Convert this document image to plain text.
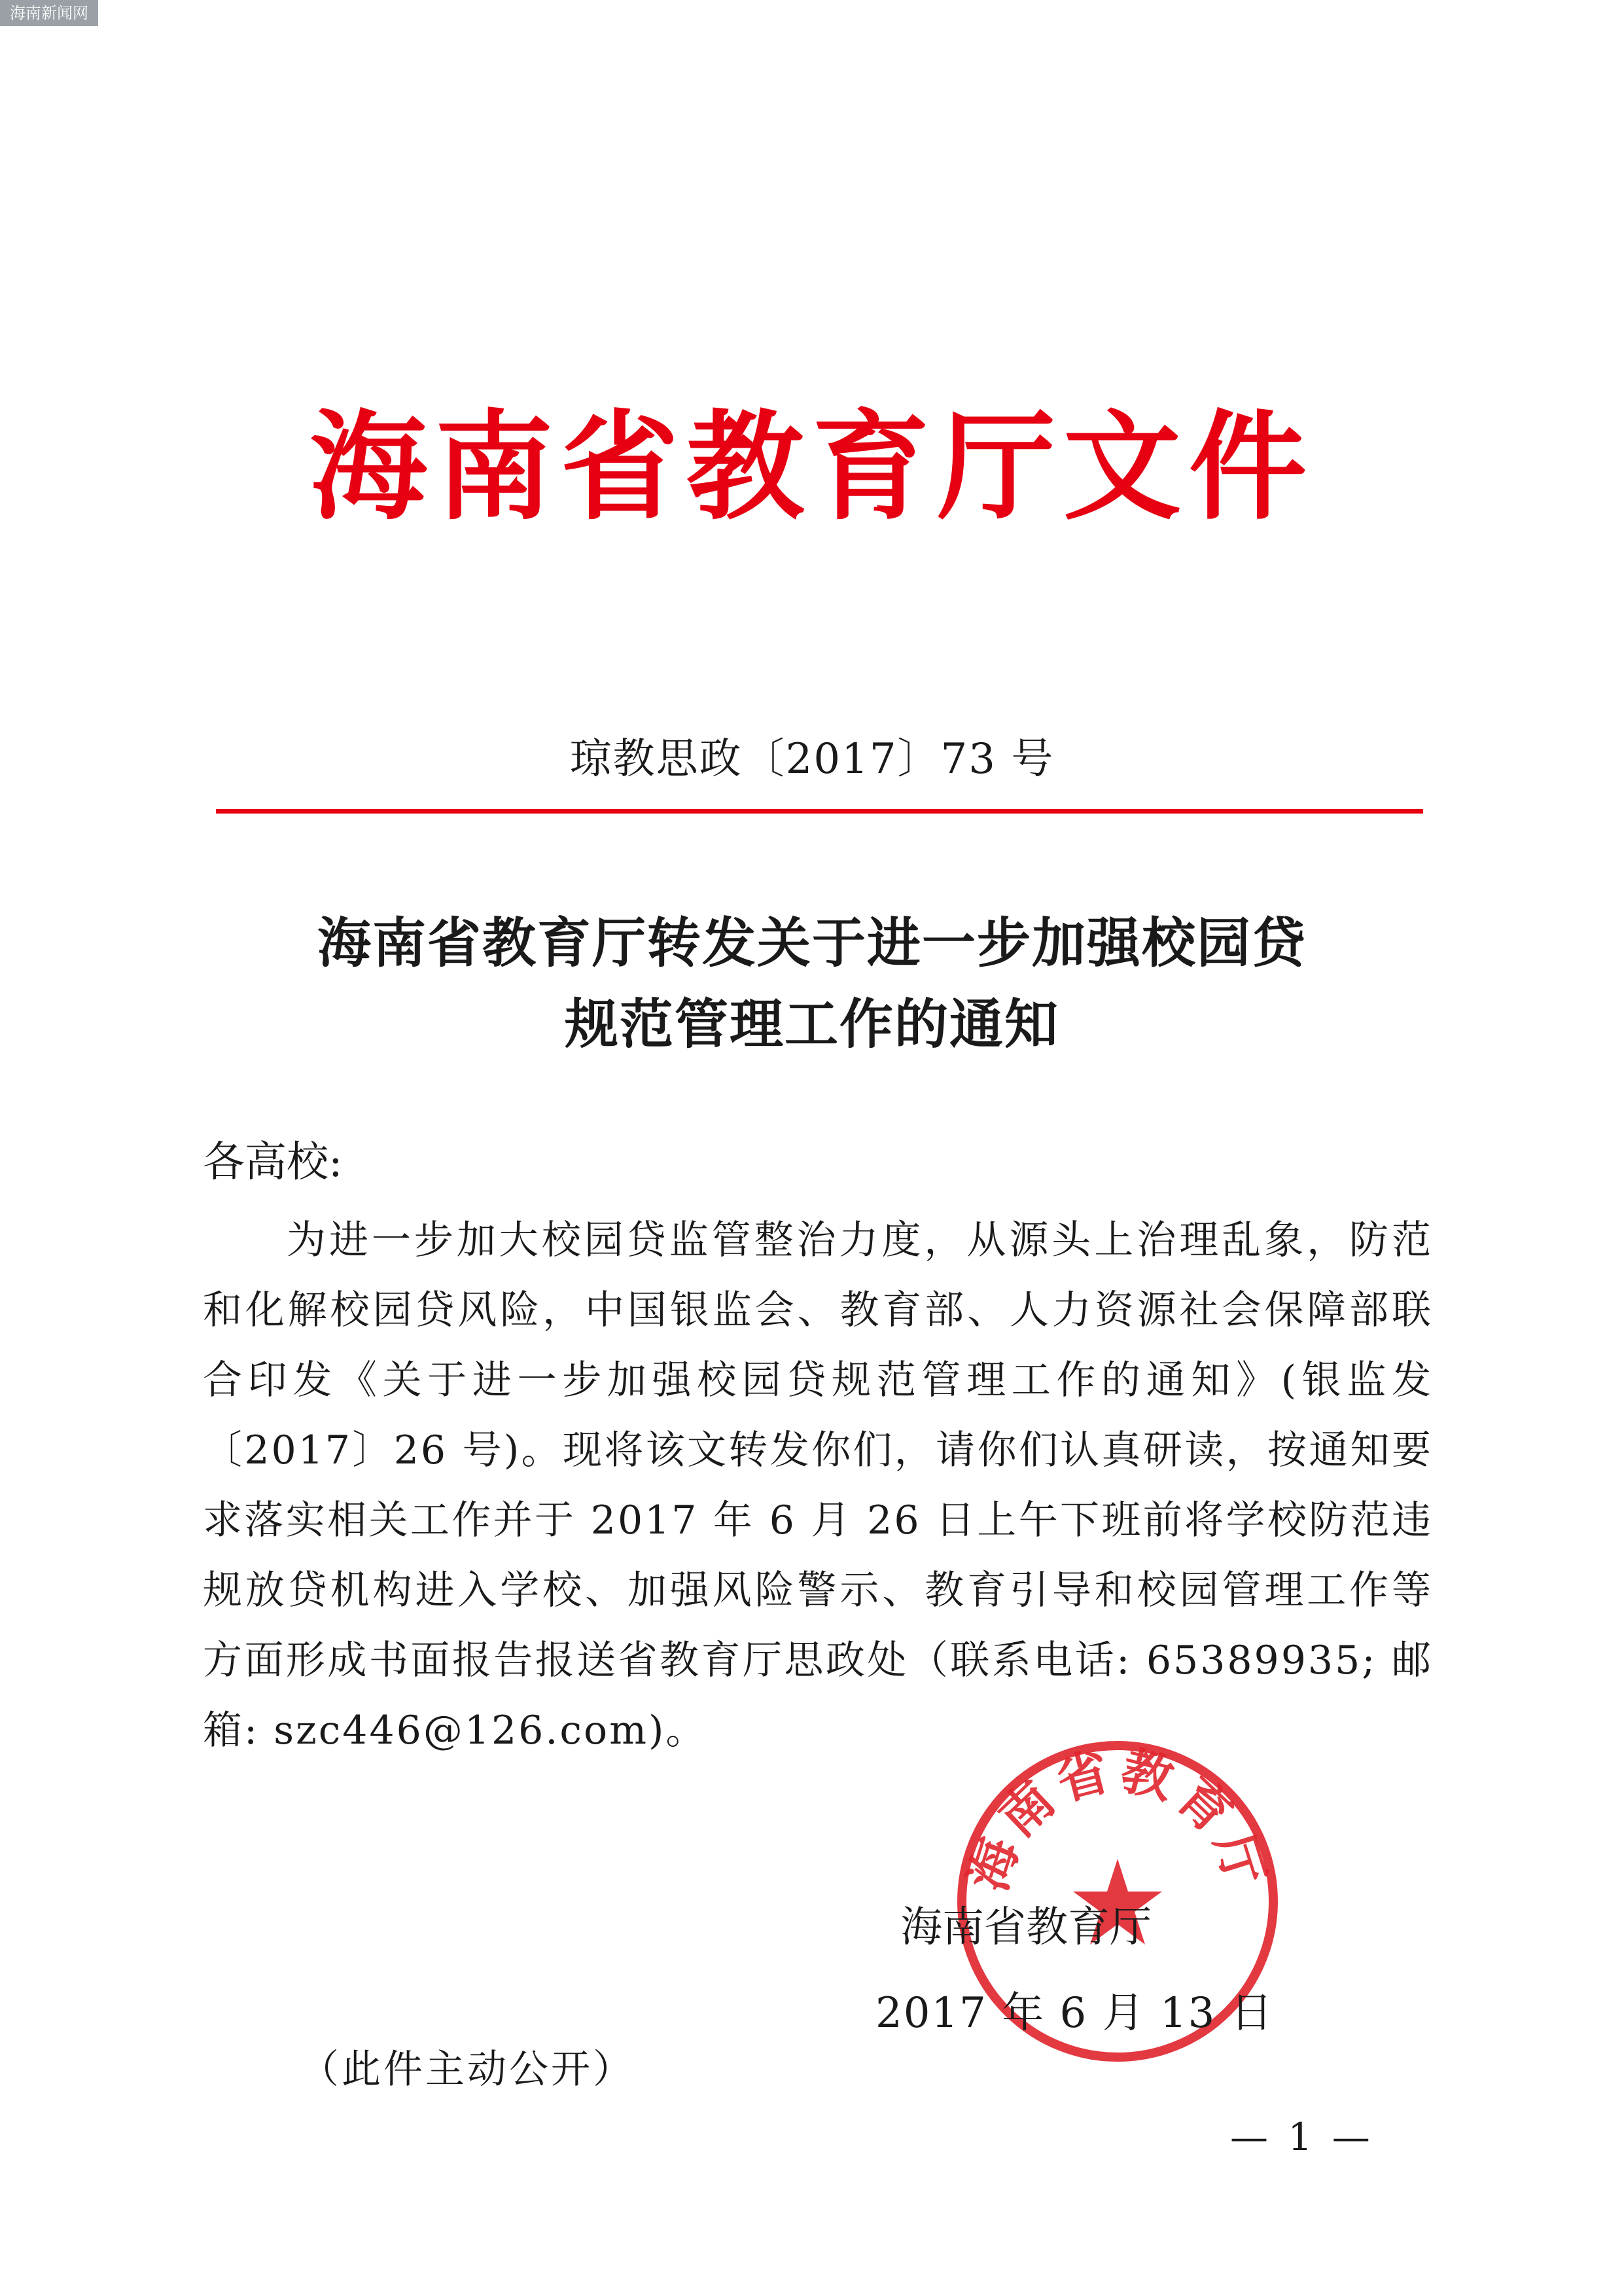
海南新闻网
海南省教育厅文件
琼教思政〔2017〕73 号
海南省教育厅转发关于进一步加强校园贷
规范管理工作的通知
各高校:
为进一步加大校园贷监管整治力度，从源头上治理乱象，防范和化解校园贷风险，中国银监会、教育部、人力资源社会保障部联合印发《关于进一步加强校园贷规范管理工作的通知》(银监发〔2017〕26 号)。现将该文转发你们，请你们认真研读，按通知要求落实相关工作并于 2017 年 6 月 26 日上午下班前将学校防范违规放贷机构进入学校、加强风险警示、教育引导和校园管理工作等方面形成书面报告报送省教育厅思政处（联系电话: 65389935; 邮箱: szc446@126.com)。
海南省教育厅
海南省教育厅
2017 年 6 月 13 日
（此件主动公开）
— 1 —
